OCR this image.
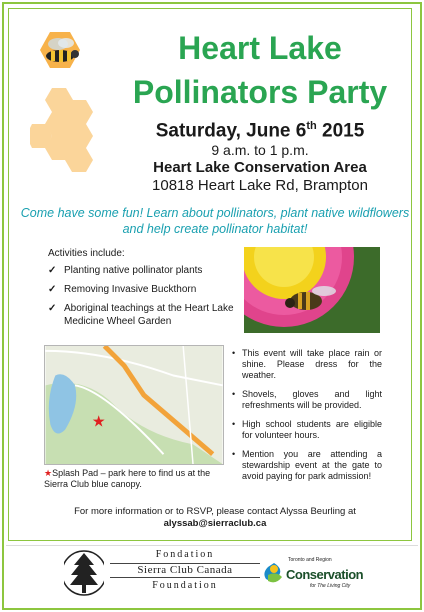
Heart Lake
Pollinators Party
Saturday, June 6th 2015
9 a.m. to 1 p.m.
Heart Lake Conservation Area
10818 Heart Lake Rd, Brampton
Come have some fun! Learn about pollinators, plant native wildflowers and help create pollinator habitat!
Activities include:
✓ Planting native pollinator plants
✓ Removing Invasive Buckthorn
✓ Aboriginal teachings at the Heart Lake Medicine Wheel Garden
★
★Splash Pad – park here to find us at the Sierra Club blue canopy.
• This event will take place rain or shine. Please dress for the weather.
• Shovels, gloves and light refreshments will be provided.
• High school students are eligible for volunteer hours.
• Mention you are attending a stewardship event at the gate to avoid paying for park admission!
For more information or to RSVP, please contact Alyssa Beurling at
alyssab@sierraclub.ca
Fondation
Sierra Club Canada
Foundation
Toronto and Region
Conservation
for The Living City
